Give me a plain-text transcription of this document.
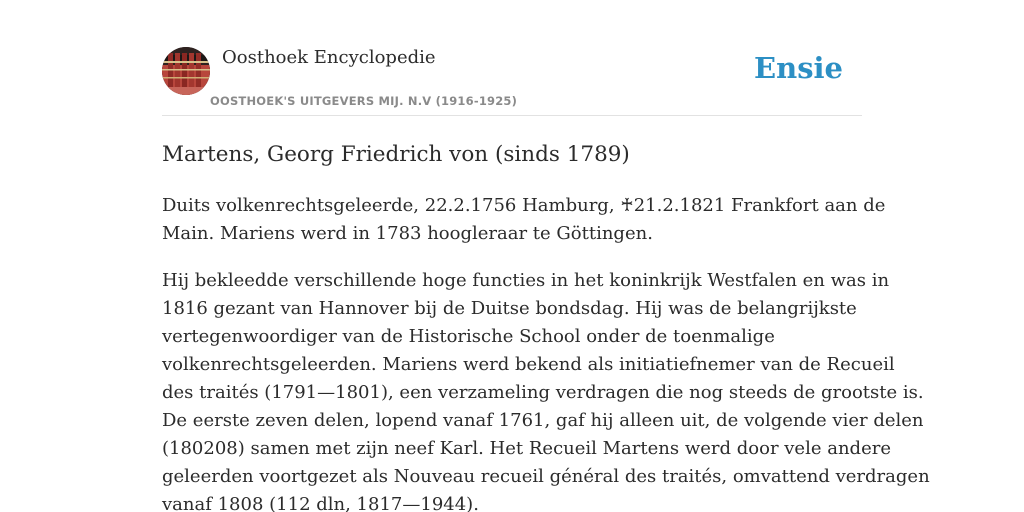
Oosthoek Encyclopedie
OOSTHOEK'S UITGEVERS MIJ. N.V (1916-1925)
Ensie
Martens, Georg Friedrich von (sinds 1789)

Duits volkenrechtsgeleerde, 22.2.1756 Hamburg, ♰21.2.1821 Frankfort aan de
Main. Mariens werd in 1783 hoogleraar te Göttingen.

Hij bekleedde verschillende hoge functies in het koninkrijk Westfalen en was in
1816 gezant van Hannover bij de Duitse bondsdag. Hij was de belangrijkste
vertegenwoordiger van de Historische School onder de toenmalige
volkenrechtsgeleerden. Mariens werd bekend als initiatiefnemer van de Recueil
des traités (1791—1801), een verzameling verdragen die nog steeds de grootste is.
De eerste zeven delen, lopend vanaf 1761, gaf hij alleen uit, de volgende vier delen
(180208) samen met zijn neef Karl. Het Recueil Martens werd door vele andere
geleerden voortgezet als Nouveau recueil général des traités, omvattend verdragen
vanaf 1808 (112 dln, 1817—1944).
